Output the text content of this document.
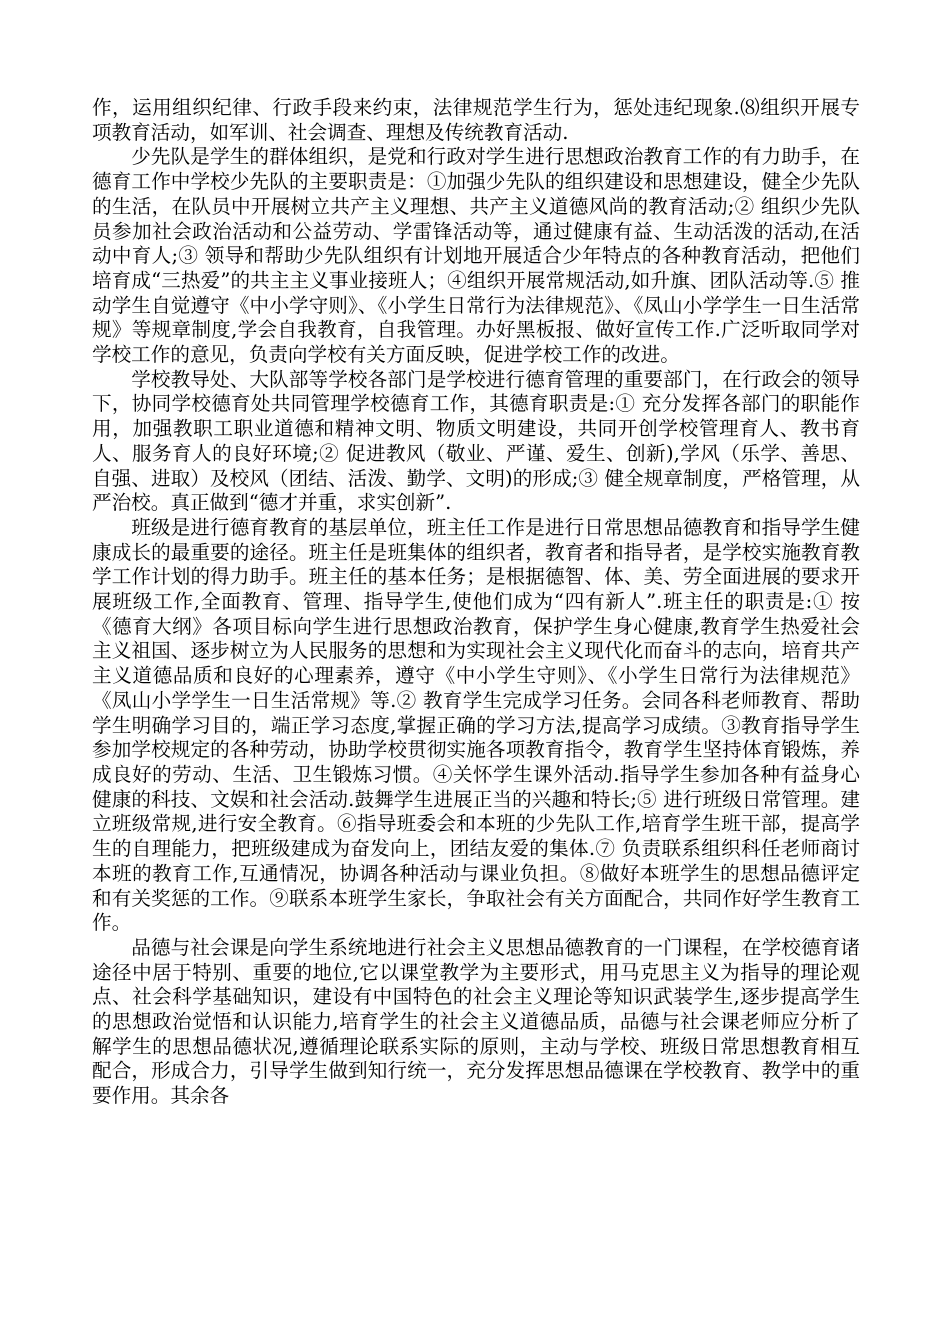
作，运用组织纪律、行政手段来约束，法律规范学生行为，惩处违纪现象.⑻组织开展专项教育活动，如军训、社会调查、理想及传统教育活动.

少先队是学生的群体组织，是党和行政对学生进行思想政治教育工作的有力助手，在德育工作中学校少先队的主要职责是：①加强少先队的组织建设和思想建设，健全少先队的生活，在队员中开展树立共产主义理想、共产主义道德风尚的教育活动;② 组织少先队员参加社会政治活动和公益劳动、学雷锋活动等，通过健康有益、生动活泼的活动,在活动中育人;③ 领导和帮助少先队组织有计划地开展适合少年特点的各种教育活动，把他们培育成“三热爱”的共主主义事业接班人；④组织开展常规活动,如升旗、团队活动等.⑤ 推动学生自觉遵守《中小学守则》、《小学生日常行为法律规范》、《凤山小学学生一日生活常规》等规章制度,学会自我教育，自我管理。办好黑板报、做好宣传工作.广泛听取同学对学校工作的意见，负责向学校有关方面反映，促进学校工作的改进。

学校教导处、大队部等学校各部门是学校进行德育管理的重要部门，在行政会的领导下，协同学校德育处共同管理学校德育工作，其德育职责是:① 充分发挥各部门的职能作用，加强教职工职业道德和精神文明、物质文明建设，共同开创学校管理育人、教书育人、服务育人的良好环境;② 促进教风（敬业、严谨、爱生、创新),学风（乐学、善思、自强、进取）及校风（团结、活泼、勤学、文明)的形成;③ 健全规章制度，严格管理，从严治校。真正做到“德才并重，求实创新”.

班级是进行德育教育的基层单位，班主任工作是进行日常思想品德教育和指导学生健康成长的最重要的途径。班主任是班集体的组织者，教育者和指导者，是学校实施教育教学工作计划的得力助手。班主任的基本任务；是根据德智、体、美、劳全面进展的要求开展班级工作,全面教育、管理、指导学生,使他们成为“四有新人”.班主任的职责是:① 按《德育大纲》各项目标向学生进行思想政治教育，保护学生身心健康,教育学生热爱社会主义祖国、逐步树立为人民服务的思想和为实现社会主义现代化而奋斗的志向，培育共产主义道德品质和良好的心理素养，遵守《中小学生守则》、《小学生日常行为法律规范》《凤山小学学生一日生活常规》等.② 教育学生完成学习任务。会同各科老师教育、帮助学生明确学习目的，端正学习态度,掌握正确的学习方法,提高学习成绩。③教育指导学生参加学校规定的各种劳动，协助学校贯彻实施各项教育指令，教育学生坚持体育锻炼，养成良好的劳动、生活、卫生锻炼习惯。④关怀学生课外活动.指导学生参加各种有益身心健康的科技、文娱和社会活动.鼓舞学生进展正当的兴趣和特长;⑤ 进行班级日常管理。建立班级常规,进行安全教育。⑥指导班委会和本班的少先队工作,培育学生班干部，提高学生的自理能力，把班级建成为奋发向上，团结友爱的集体.⑦ 负责联系组织科任老师商讨本班的教育工作,互通情况，协调各种活动与课业负担。⑧做好本班学生的思想品德评定和有关奖惩的工作。⑨联系本班学生家长，争取社会有关方面配合，共同作好学生教育工作。

品德与社会课是向学生系统地进行社会主义思想品德教育的一门课程，在学校德育诸途径中居于特别、重要的地位,它以课堂教学为主要形式，用马克思主义为指导的理论观点、社会科学基础知识，建设有中国特色的社会主义理论等知识武装学生,逐步提高学生的思想政治觉悟和认识能力,培育学生的社会主义道德品质，品德与社会课老师应分析了解学生的思想品德状况,遵循理论联系实际的原则，主动与学校、班级日常思想教育相互配合，形成合力，引导学生做到知行统一，充分发挥思想品德课在学校教育、教学中的重要作用。其余各
